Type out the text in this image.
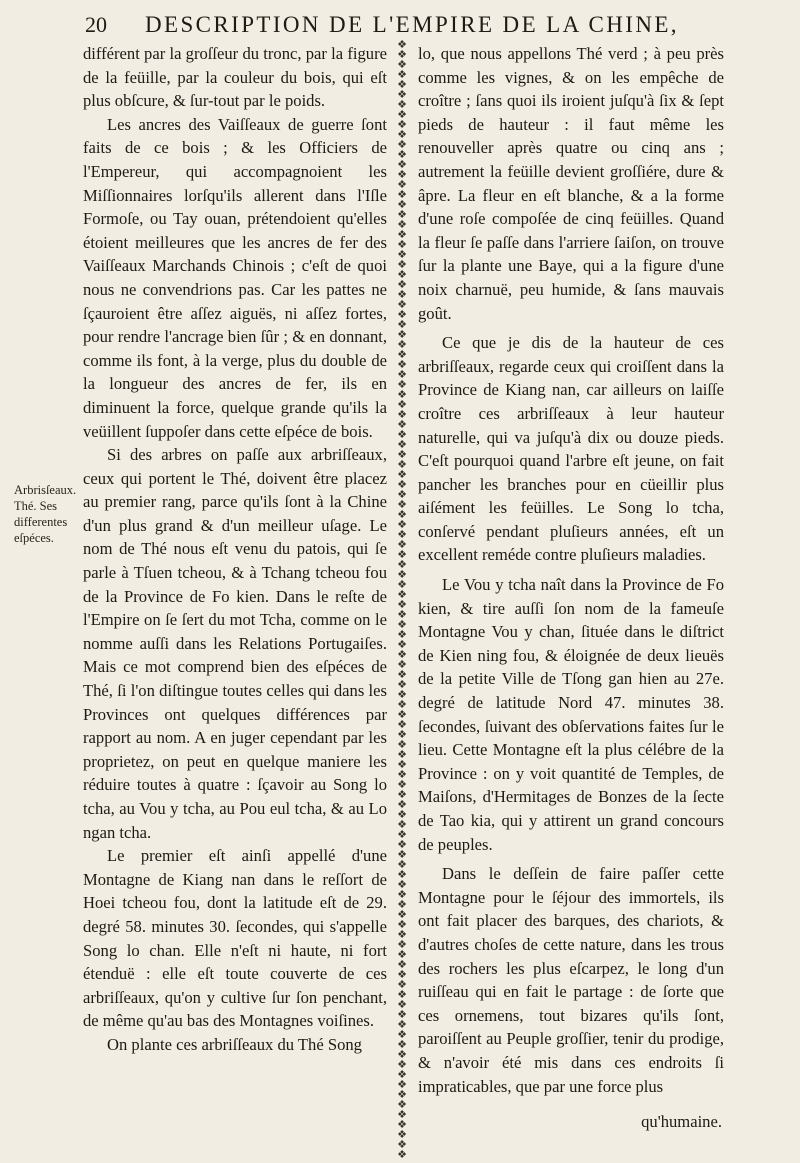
20 DESCRIPTION DE L'EMPIRE DE LA CHINE,
Arbrisſeaux. Thé. Ses differentes eſpéces.

différent par la groſſeur du tronc, par la figure de la feüille, par la couleur du bois, qui eſt plus obſcure, & ſur-tout par le poids.

Les ancres des Vaiſſeaux de guerre ſont faits de ce bois ; & les Officiers de l'Empereur, qui accompagnoient les Miſſionnaires lorſqu'ils allerent dans l'Iſle Formoſe, ou Tay ouan, prétendoient qu'elles étoient meilleures que les ancres de fer des Vaiſſeaux Marchands Chinois ; c'eſt de quoi nous ne convendrions pas. Car les pattes ne ſçauroient être aſſez aiguës, ni aſſez fortes, pour rendre l'ancrage bien ſûr ; & en donnant, comme ils font, à la verge, plus du double de la longueur des ancres de fer, ils en diminuent la force, quelque grande qu'ils la veüillent ſuppoſer dans cette eſpéce de bois.

Si des arbres on paſſe aux arbriſſeaux, ceux qui portent le Thé, doivent être placez au premier rang, parce qu'ils ſont à la Chine d'un plus grand & d'un meilleur uſage. Le nom de Thé nous eſt venu du patois, qui ſe parle à Tſuen tcheou, & à Tchang tcheou fou de la Province de Fo kien. Dans le reſte de l'Empire on ſe ſert du mot Tcha, comme on le nomme auſſi dans les Relations Portugaiſes. Mais ce mot comprend bien des eſpéces de Thé, ſi l'on diſtingue toutes celles qui dans les Provinces ont quelques différences par rapport au nom. A en juger cependant par les proprietez, on peut en quelque maniere les réduire toutes à quatre : ſçavoir au Song lo tcha, au Vou y tcha, au Pou eul tcha, & au Lo ngan tcha.

Le premier eſt ainſi appellé d'une Montagne de Kiang nan dans le reſſort de Hoei tcheou fou, dont la latitude eſt de 29. degré 58. minutes 30. ſecondes, qui s'appelle Song lo chan. Elle n'eſt ni haute, ni fort étenduë : elle eſt toute couverte de ces arbriſſeaux, qu'on y cultive ſur ſon penchant, de même qu'au bas des Montagnes voiſines.

On plante ces arbriſſeaux du Thé Song

❖❖❖❖❖❖❖❖❖❖❖❖❖❖❖❖❖❖❖❖❖❖❖❖❖❖❖❖❖❖❖❖❖❖❖❖❖❖❖❖❖❖❖❖❖❖❖❖❖❖❖❖❖❖❖❖❖❖❖❖❖❖❖❖❖❖❖❖❖❖❖❖❖❖❖❖❖❖❖❖❖❖❖❖❖❖❖❖❖❖❖❖❖❖❖❖❖❖❖❖❖❖❖❖❖❖❖❖❖❖❖❖

lo, que nous appellons Thé verd ; à peu près comme les vignes, & on les empêche de croître ; ſans quoi ils iroient juſqu'à ſix & ſept pieds de hauteur : il faut même les renouveller après quatre ou cinq ans ; autrement la feüille devient groſſiére, dure & âpre. La fleur en eſt blanche, & a la forme d'une roſe compoſée de cinq feüilles. Quand la fleur ſe paſſe dans l'arriere ſaiſon, on trouve ſur la plante une Baye, qui a la figure d'une noix charnuë, peu humide, & ſans mauvais goût.

Ce que je dis de la hauteur de ces arbriſſeaux, regarde ceux qui croiſſent dans la Province de Kiang nan, car ailleurs on laiſſe croître ces arbriſſeaux à leur hauteur naturelle, qui va juſqu'à dix ou douze pieds. C'eſt pourquoi quand l'arbre eſt jeune, on fait pancher les branches pour en cüeillir plus aiſément les feüilles. Le Song lo tcha, conſervé pendant pluſieurs années, eſt un excellent reméde contre pluſieurs maladies.

Le Vou y tcha naît dans la Province de Fo kien, & tire auſſi ſon nom de la fameuſe Montagne Vou y chan, ſituée dans le diſtrict de Kien ning fou, & éloignée de deux lieuës de la petite Ville de Tſong gan hien au 27e. degré de latitude Nord 47. minutes 38. ſecondes, ſuivant des obſervations faites ſur le lieu. Cette Montagne eſt la plus célébre de la Province : on y voit quantité de Temples, de Maiſons, d'Hermitages de Bonzes de la ſecte de Tao kia, qui y attirent un grand concours de peuples.

Dans le deſſein de faire paſſer cette Montagne pour le ſéjour des immortels, ils ont fait placer des barques, des chariots, & d'autres choſes de cette nature, dans les trous des rochers les plus eſcarpez, le long d'un ruiſſeau qui en fait le partage : de ſorte que ces ornemens, tout bizares qu'ils ſont, paroiſſent au Peuple groſſier, tenir du prodige, & n'avoir été mis dans ces endroits ſi impraticables, que par une force plus

qu'humaine.
